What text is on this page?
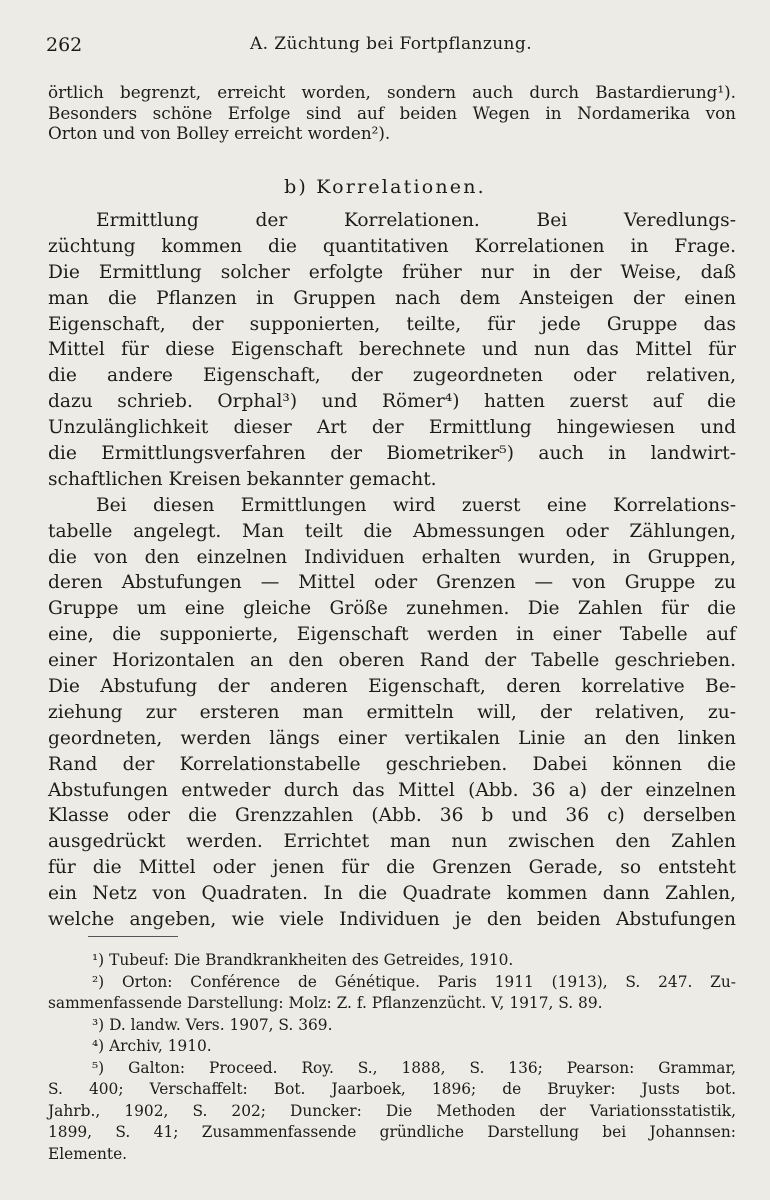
262	A. Züchtung bei Fortpflanzung.
örtlich begrenzt, erreicht worden, sondern auch durch Bastardierung¹).
Besonders schöne Erfolge sind auf beiden Wegen in Nordamerika von
Orton und von Bolley erreicht worden²).
b) Korrelationen.
Ermittlung der Korrelationen. Bei Veredlungs-
züchtung kommen die quantitativen Korrelationen in Frage.
Die Ermittlung solcher erfolgte früher nur in der Weise, daß
man die Pflanzen in Gruppen nach dem Ansteigen der einen
Eigenschaft, der supponierten, teilte, für jede Gruppe das
Mittel für diese Eigenschaft berechnete und nun das Mittel für
die andere Eigenschaft, der zugeordneten oder relativen,
dazu schrieb. Orphal³) und Römer⁴) hatten zuerst auf die
Unzulänglichkeit dieser Art der Ermittlung hingewiesen und
die Ermittlungsverfahren der Biometriker⁵) auch in landwirt-
schaftlichen Kreisen bekannter gemacht.
Bei diesen Ermittlungen wird zuerst eine Korrelations-
tabelle angelegt. Man teilt die Abmessungen oder Zählungen,
die von den einzelnen Individuen erhalten wurden, in Gruppen,
deren Abstufungen — Mittel oder Grenzen — von Gruppe zu
Gruppe um eine gleiche Größe zunehmen. Die Zahlen für die
eine, die supponierte, Eigenschaft werden in einer Tabelle auf
einer Horizontalen an den oberen Rand der Tabelle geschrieben.
Die Abstufung der anderen Eigenschaft, deren korrelative Be-
ziehung zur ersteren man ermitteln will, der relativen, zu-
geordneten, werden längs einer vertikalen Linie an den linken
Rand der Korrelationstabelle geschrieben. Dabei können die
Abstufungen entweder durch das Mittel (Abb. 36 a) der einzelnen
Klasse oder die Grenzzahlen (Abb. 36 b und 36 c) derselben
ausgedrückt werden. Errichtet man nun zwischen den Zahlen
für die Mittel oder jenen für die Grenzen Gerade, so entsteht
ein Netz von Quadraten. In die Quadrate kommen dann Zahlen,
welche angeben, wie viele Individuen je den beiden Abstufungen
¹) Tubeuf: Die Brandkrankheiten des Getreides, 1910.
²) Orton: Conférence de Génétique. Paris 1911 (1913), S. 247. Zu-
sammenfassende Darstellung: Molz: Z. f. Pflanzenzücht. V, 1917, S. 89.
³) D. landw. Vers. 1907, S. 369.
⁴) Archiv, 1910.
⁵) Galton: Proceed. Roy. S., 1888, S. 136; Pearson: Grammar,
S. 400; Verschaffelt: Bot. Jaarboek, 1896; de Bruyker: Justs bot.
Jahrb., 1902, S. 202; Duncker: Die Methoden der Variationsstatistik,
1899, S. 41; Zusammenfassende gründliche Darstellung bei Johannsen:
Elemente.
